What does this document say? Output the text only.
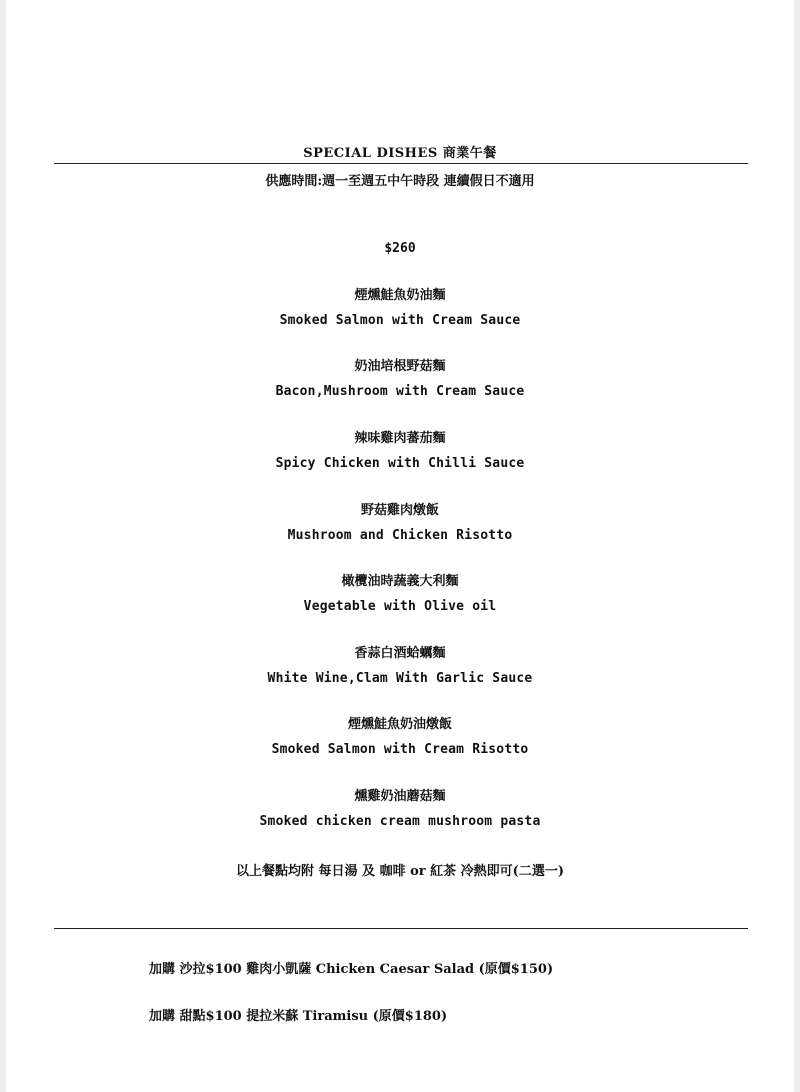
SPECIAL DISHES 商業午餐
供應時間:週一至週五中午時段 連續假日不適用
$260
煙燻鮭魚奶油麵
Smoked Salmon with Cream Sauce
奶油培根野菇麵
Bacon,Mushroom with Cream Sauce
辣味雞肉蕃茄麵
Spicy Chicken with Chilli Sauce
野菇雞肉燉飯
Mushroom and Chicken Risotto
橄欖油時蔬義大利麵
Vegetable with Olive oil
香蒜白酒蛤蠣麵
White Wine,Clam With Garlic Sauce
煙燻鮭魚奶油燉飯
Smoked Salmon with Cream Risotto
燻雞奶油蘑菇麵
Smoked chicken cream mushroom pasta
以上餐點均附 每日湯 及 咖啡 or 紅茶 冷熱即可(二選一)
加購 沙拉$100 雞肉小凱薩 Chicken Caesar Salad (原價$150)
加購 甜點$100 提拉米蘇 Tiramisu (原價$180)
